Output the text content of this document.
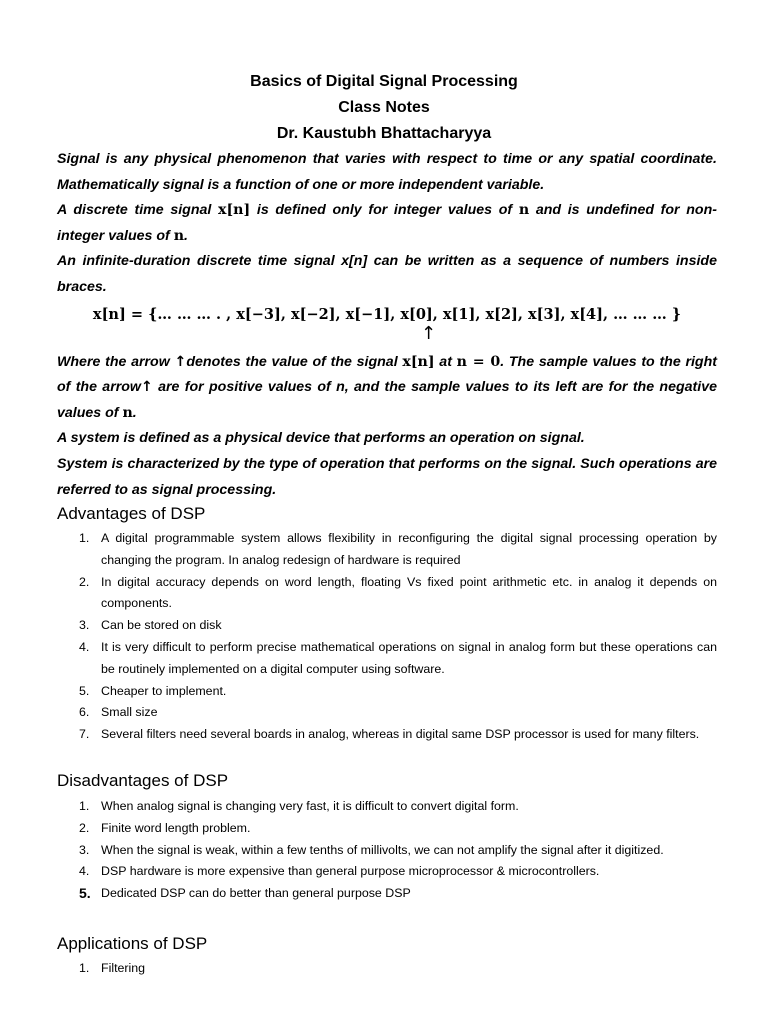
Basics of Digital Signal Processing
Class Notes
Dr. Kaustubh Bhattacharyya

Signal is any physical phenomenon that varies with respect to time or any spatial coordinate. Mathematically signal is a function of one or more independent variable.

A discrete time signal x[n] is defined only for integer values of n and is undefined for non-integer values of n.

An infinite-duration discrete time signal x[n] can be written as a sequence of numbers inside braces.

x[n] = {… … … . , x[−3], x[−2], x[−1], x[0], x[1], x[2], x[3], x[4], … … … }
↑

Where the arrow ↑denotes the value of the signal x[n] at n = 0. The sample values to the right of the arrow↑ are for positive values of n, and the sample values to its left are for the negative values of n.

A system is defined as a physical device that performs an operation on signal.

System is characterized by the type of operation that performs on the signal. Such operations are referred to as signal processing.

Advantages of DSP
1. A digital programmable system allows flexibility in reconfiguring the digital signal processing operation by changing the program. In analog redesign of hardware is required
2. In digital accuracy depends on word length, floating Vs fixed point arithmetic etc. in analog it depends on components.
3. Can be stored on disk
4. It is very difficult to perform precise mathematical operations on signal in analog form but these operations can be routinely implemented on a digital computer using software.
5. Cheaper to implement.
6. Small size
7. Several filters need several boards in analog, whereas in digital same DSP processor is used for many filters.
Disadvantages of DSP
1. When analog signal is changing very fast, it is difficult to convert digital form.
2. Finite word length problem.
3. When the signal is weak, within a few tenths of millivolts, we can not amplify the signal after it digitized.
4. DSP hardware is more expensive than general purpose microprocessor & microcontrollers.
5. Dedicated DSP can do better than general purpose DSP
Applications of DSP
1. Filtering
